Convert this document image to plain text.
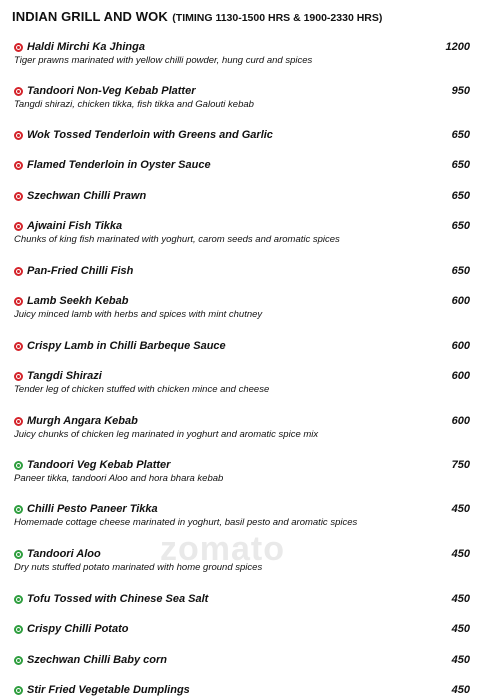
INDIAN GRILL AND WOK (TIMING 1130-1500 HRS & 1900-2330 HRS)
zomato
Haldi Mirchi Ka Jhinga	1200
Tiger prawns marinated with yellow chilli powder, hung curd and spices
Tandoori Non-Veg Kebab Platter	950
Tangdi shirazi, chicken tikka, fish tikka and Galouti kebab
Wok Tossed Tenderloin with Greens and Garlic	650
Flamed Tenderloin in Oyster Sauce	650
Szechwan Chilli Prawn	650
Ajwaini Fish Tikka	650
Chunks of king fish marinated with yoghurt, carom seeds and aromatic spices
Pan-Fried Chilli Fish	650
Lamb Seekh Kebab	600
Juicy minced lamb with herbs and spices with mint chutney
Crispy Lamb in Chilli Barbeque Sauce	600
Tangdi Shirazi	600
Tender leg of chicken stuffed with chicken mince and cheese
Murgh Angara Kebab	600
Juicy chunks of chicken leg marinated in yoghurt and aromatic spice mix
Tandoori Veg Kebab Platter	750
Paneer tikka, tandoori Aloo and hora bhara kebab
Chilli Pesto Paneer Tikka	450
Homemade cottage cheese marinated in yoghurt, basil pesto and aromatic spices
Tandoori Aloo	450
Dry nuts stuffed potato marinated with home ground spices
Tofu Tossed with Chinese Sea Salt	450
Crispy Chilli Potato	450
Szechwan Chilli Baby corn	450
Stir Fried Vegetable Dumplings	450
